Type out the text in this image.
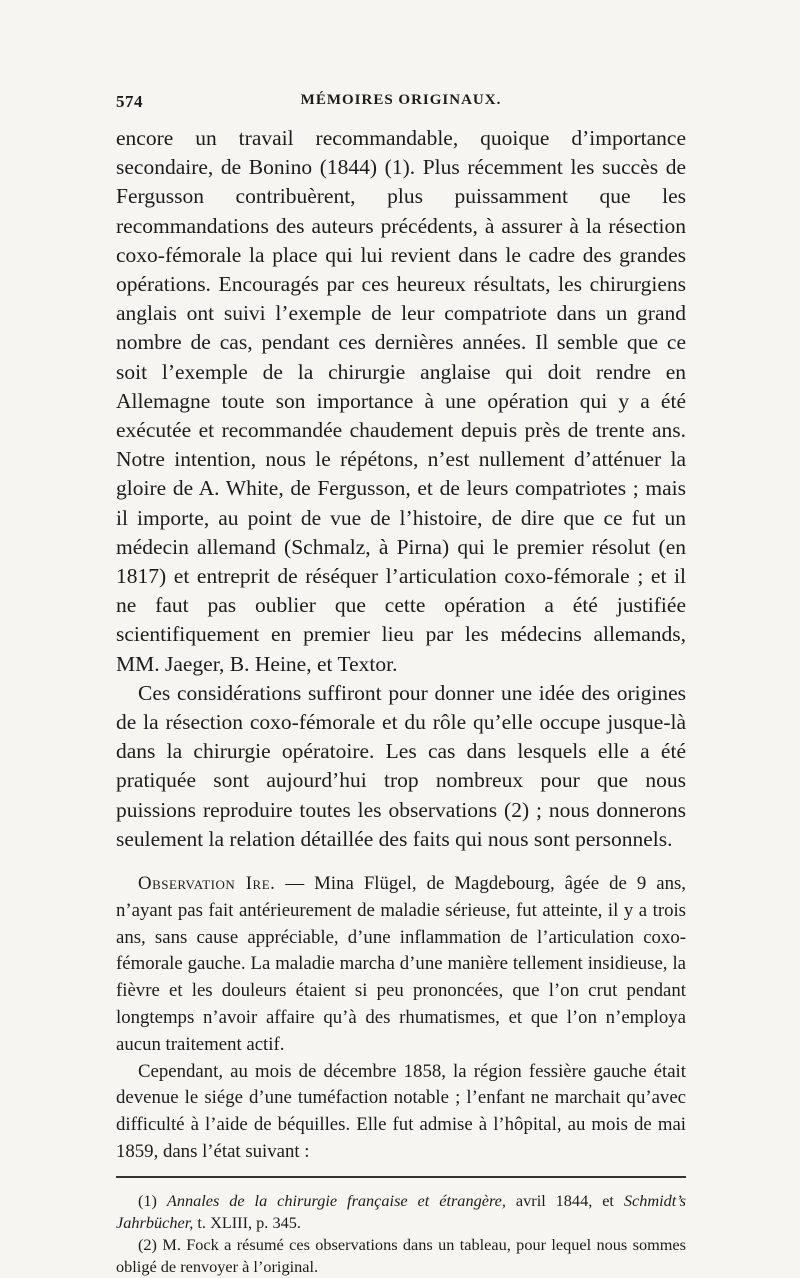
574	MÉMOIRES ORIGINAUX.

encore un travail recommandable, quoique d’importance secondaire, de Bonino (1844) (1). Plus récemment les succès de Fergusson contribuèrent, plus puissamment que les recommandations des auteurs précédents, à assurer à la résection coxo-fémorale la place qui lui revient dans le cadre des grandes opérations. Encouragés par ces heureux résultats, les chirurgiens anglais ont suivi l’exemple de leur compatriote dans un grand nombre de cas, pendant ces dernières années. Il semble que ce soit l’exemple de la chirurgie anglaise qui doit rendre en Allemagne toute son importance à une opération qui y a été exécutée et recommandée chaudement depuis près de trente ans. Notre intention, nous le répétons, n’est nullement d’atténuer la gloire de A. White, de Fergusson, et de leurs compatriotes ; mais il importe, au point de vue de l’histoire, de dire que ce fut un médecin allemand (Schmalz, à Pirna) qui le premier résolut (en 1817) et entreprit de réséquer l’articulation coxo-fémorale ; et il ne faut pas oublier que cette opération a été justifiée scientifiquement en premier lieu par les médecins allemands, MM. Jaeger, B. Heine, et Textor.

Ces considérations suffiront pour donner une idée des origines de la résection coxo-fémorale et du rôle qu’elle occupe jusque-là dans la chirurgie opératoire. Les cas dans lesquels elle a été pratiquée sont aujourd’hui trop nombreux pour que nous puissions reproduire toutes les observations (2) ; nous donnerons seulement la relation détaillée des faits qui nous sont personnels.

Observation Ire. — Mina Flügel, de Magdebourg, âgée de 9 ans, n’ayant pas fait antérieurement de maladie sérieuse, fut atteinte, il y a trois ans, sans cause appréciable, d’une inflammation de l’articulation coxo-fémorale gauche. La maladie marcha d’une manière tellement insidieuse, la fièvre et les douleurs étaient si peu prononcées, que l’on crut pendant longtemps n’avoir affaire qu’à des rhumatismes, et que l’on n’employa aucun traitement actif.

Cependant, au mois de décembre 1858, la région fessière gauche était devenue le siége d’une tuméfaction notable ; l’enfant ne marchait qu’avec difficulté à l’aide de béquilles. Elle fut admise à l’hôpital, au mois de mai 1859, dans l’état suivant :

(1) Annales de la chirurgie française et étrangère, avril 1844, et Schmidt’s Jahrbücher, t. XLIII, p. 345.

(2) M. Fock a résumé ces observations dans un tableau, pour lequel nous sommes obligé de renvoyer à l’original.
